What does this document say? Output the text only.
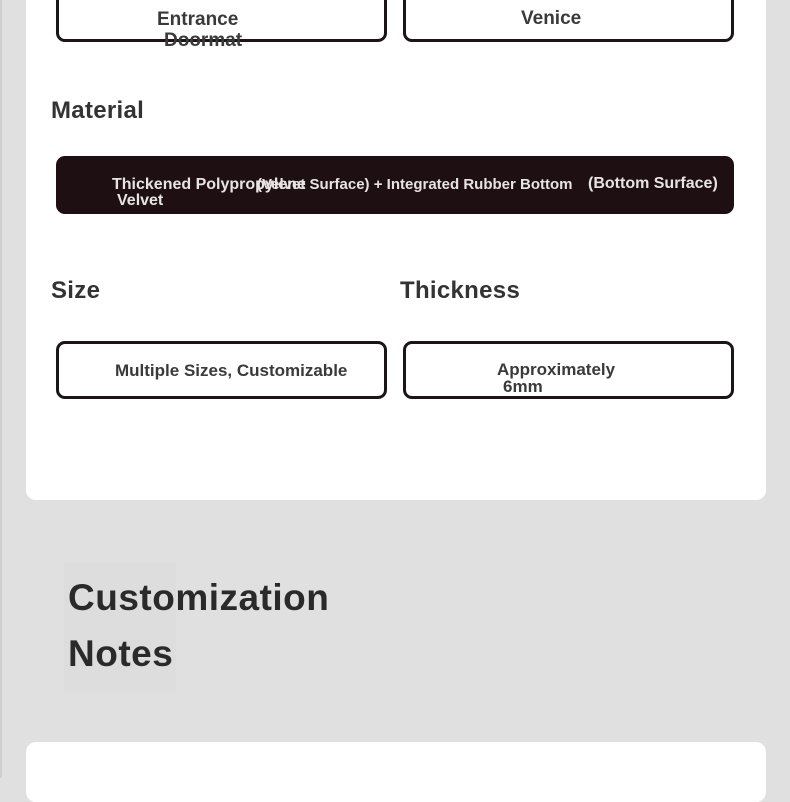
Entrance
Doormat
Venice
Material
Thickened Polypropylene
(Velvet Surface) + Integrated Rubber Bottom (Bottom Surface)
Velvet
Size
Multiple Sizes, Customizable
Thickness
Approximately
6mm
Customization
Notes
